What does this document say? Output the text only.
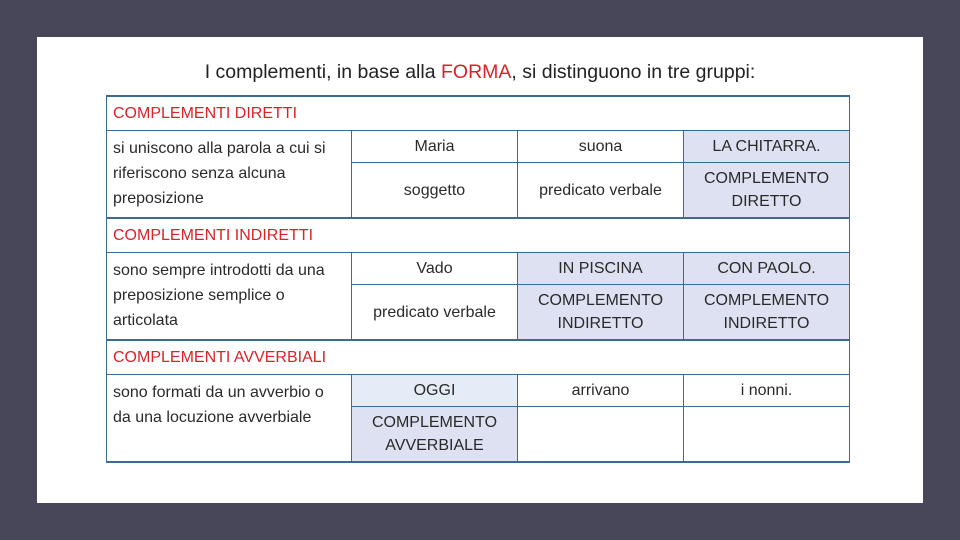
I complementi, in base alla FORMA, si distinguono in tre gruppi:
COMPLEMENTI DIRETTI			
si uniscono alla parola a cui si riferiscono senza alcuna preposizione	Maria	suona	LA CHITARRA.
	soggetto	predicato verbale	COMPLEMENTO DIRETTO
COMPLEMENTI INDIRETTI			
sono sempre introdotti da una preposizione semplice o articolata	Vado	IN PISCINA	CON PAOLO.
	predicato verbale	COMPLEMENTO INDIRETTO	COMPLEMENTO INDIRETTO
COMPLEMENTI AVVERBIALI			
sono formati da un avverbio o da una locuzione avverbiale	OGGI	arrivano	i nonni.
	COMPLEMENTO AVVERBIALE		
